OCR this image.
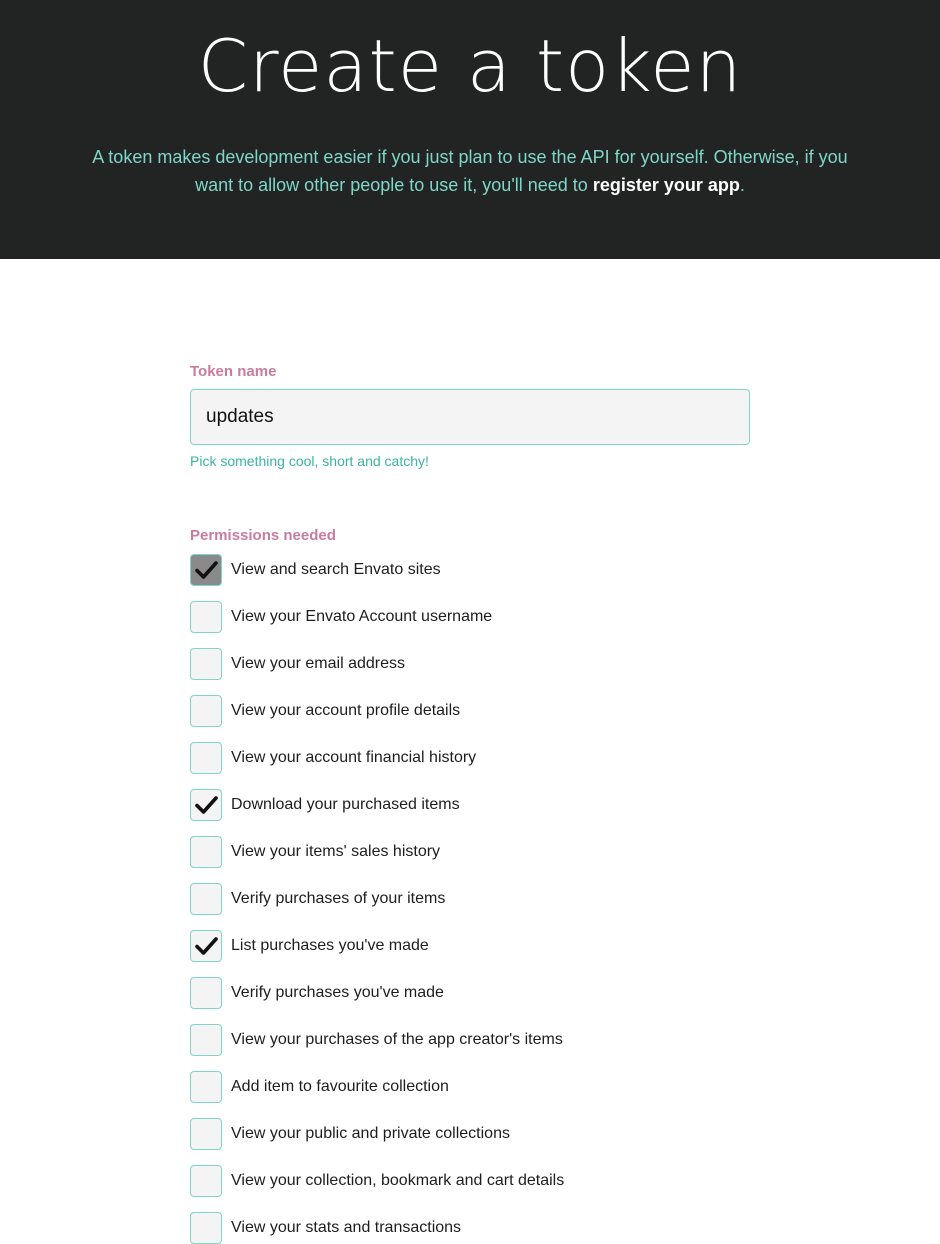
Create a token

A token makes development easier if you just plan to use the API for yourself. Otherwise, if you want to allow other people to use it, you'll need to register your app.

Token name
updates
Pick something cool, short and catchy!
Permissions needed
View and search Envato sites
View your Envato Account username
View your email address
View your account profile details
View your account financial history
Download your purchased items
View your items' sales history
Verify purchases of your items
List purchases you've made
Verify purchases you've made
View your purchases of the app creator's items
Add item to favourite collection
View your public and private collections
View your collection, bookmark and cart details
View your stats and transactions
